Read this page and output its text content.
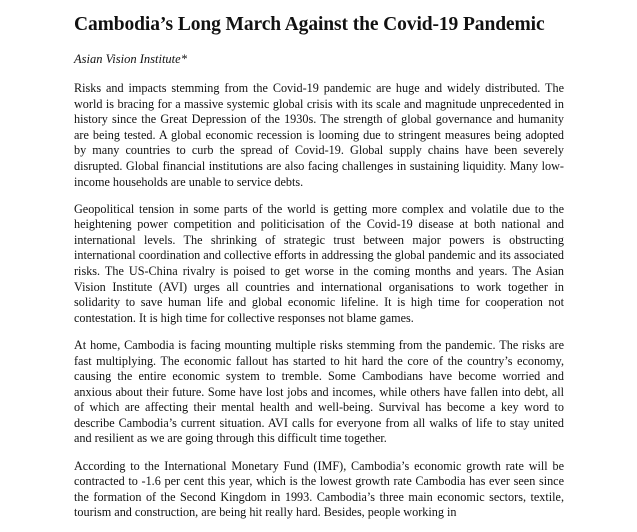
Cambodia’s Long March Against the Covid-19 Pandemic

Asian Vision Institute*

Risks and impacts stemming from the Covid-19 pandemic are huge and widely distributed. The world is bracing for a massive systemic global crisis with its scale and magnitude unprecedented in history since the Great Depression of the 1930s. The strength of global governance and humanity are being tested. A global economic recession is looming due to stringent measures being adopted by many countries to curb the spread of Covid-19. Global supply chains have been severely disrupted. Global financial institutions are also facing challenges in sustaining liquidity. Many low-income households are unable to service debts.

Geopolitical tension in some parts of the world is getting more complex and volatile due to the heightening power competition and politicisation of the Covid-19 disease at both national and international levels. The shrinking of strategic trust between major powers is obstructing international coordination and collective efforts in addressing the global pandemic and its associated risks. The US-China rivalry is poised to get worse in the coming months and years. The Asian Vision Institute (AVI) urges all countries and international organisations to work together in solidarity to save human life and global economic lifeline. It is high time for cooperation not contestation. It is high time for collective responses not blame games.

At home, Cambodia is facing mounting multiple risks stemming from the pandemic. The risks are fast multiplying. The economic fallout has started to hit hard the core of the country’s economy, causing the entire economic system to tremble. Some Cambodians have become worried and anxious about their future. Some have lost jobs and incomes, while others have fallen into debt, all of which are affecting their mental health and well-being. Survival has become a key word to describe Cambodia’s current situation. AVI calls for everyone from all walks of life to stay united and resilient as we are going through this difficult time together.

According to the International Monetary Fund (IMF), Cambodia’s economic growth rate will be contracted to -1.6 per cent this year, which is the lowest growth rate Cambodia has ever seen since the formation of the Second Kingdom in 1993. Cambodia’s three main economic sectors, textile, tourism and construction, are being hit really hard. Besides, people working in
